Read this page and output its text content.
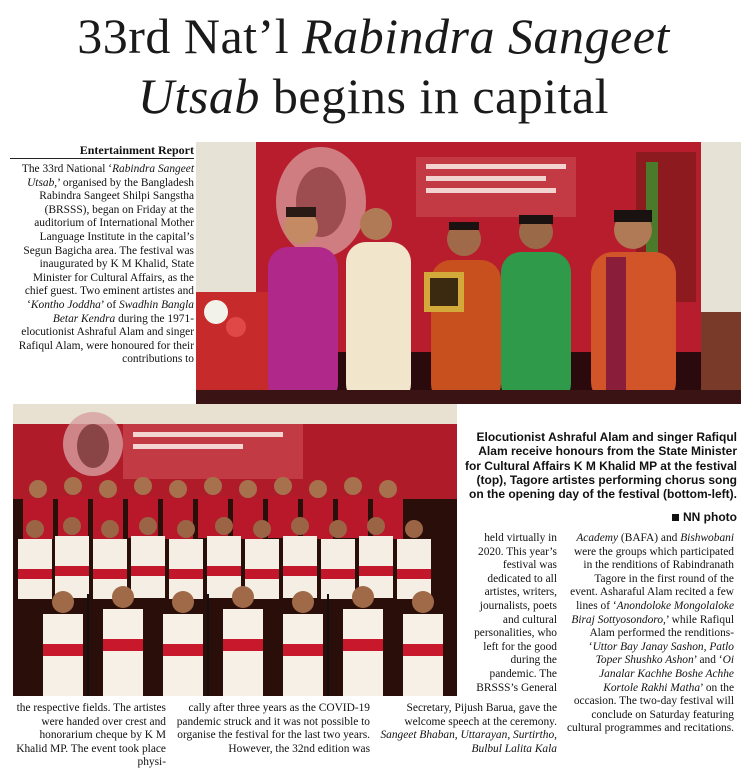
33rd Nat’l Rabindra Sangeet
Utsab begins in capital
Entertainment Report

The 33rd National ‘Rabindra Sangeet Utsab,’ organised by the Bangladesh Rabindra Sangeet Shilpi Sangstha (BRSSS), began on Friday at the auditorium of International Mother Language Institute in the capital’s Segun Bagicha area. The festival was inaugurated by K M Khalid, State Minister for Cultural Affairs, as the chief guest. Two eminent artistes and ‘Kontho Joddha’ of Swadhin Bangla Betar Kendra during the 1971-elocutionist Ashraful Alam and singer Rafiqul Alam, were honoured for their contributions to

Elocutionist Ashraful Alam and singer Rafiqul Alam receive honours from the State Minister for Cultural Affairs K M Khalid MP at the festival (top), Tagore artistes performing chorus song on the opening day of the festival (bottom-left).
NN photo

held virtually in 2020. This year’s festival was dedicated to all artistes, writers, journalists, poets and cultural personalities, who left for the good during the pandemic. The BRSSS’s General

Academy (BAFA) and Bishwobani were the groups which participated in the renditions of Rabindranath Tagore in the first round of the event. Asharaful Alam recited a few lines of ‘Anondoloke Mongolaloke Biraj Sottyosondoro,’ while Rafiqul Alam performed the renditions- ‘Uttor Bay Janay Sashon, Patlo Toper Shushko Ashon’ and ‘Oi Janalar Kachhe Boshe Achhe Kortole Rakhi Matha’ on the occasion. The two-day festival will conclude on Saturday featuring cultural programmes and recitations.

the respective fields. The artistes were handed over crest and honorarium cheque by K M Khalid MP. The event took place physi-

cally after three years as the COVID-19 pandemic struck and it was not possible to organise the festival for the last two years. However, the 32nd edition was

Secretary, Pijush Barua, gave the welcome speech at the ceremony. Sangeet Bhaban, Uttarayan, Surtirtho, Bulbul Lalita Kala
